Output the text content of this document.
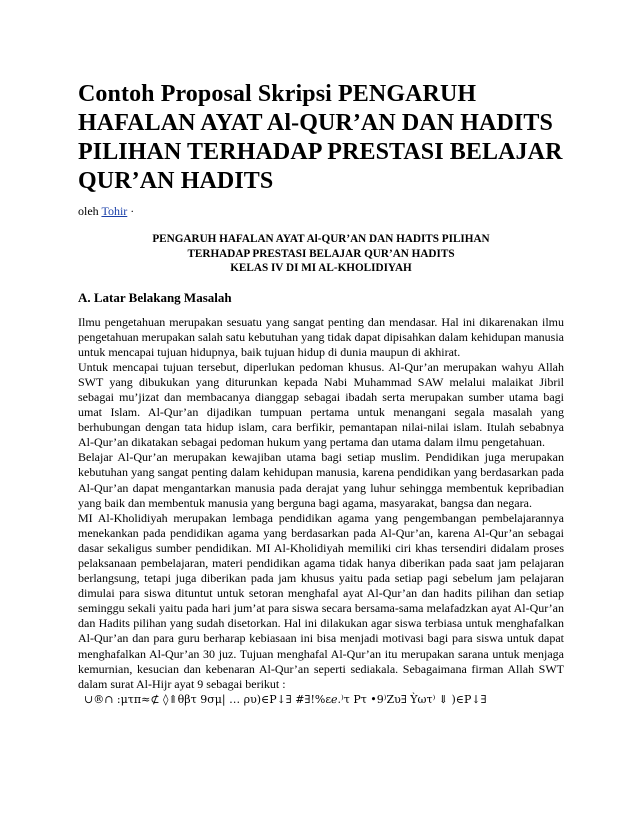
Contoh Proposal Skripsi PENGARUH HAFALAN AYAT Al-QUR’AN DAN HADITS PILIHAN TERHADAP PRESTASI BELAJAR QUR’AN HADITS
oleh Tohir ·
PENGARUH HAFALAN AYAT Al-QUR’AN DAN HADITS PILIHAN
TERHADAP PRESTASI BELAJAR QUR’AN HADITS
KELAS IV DI MI AL-KHOLIDIYAH
A. Latar Belakang Masalah

Ilmu pengetahuan merupakan sesuatu yang sangat penting dan mendasar. Hal ini dikarenakan ilmu pengetahuan merupakan salah satu kebutuhan yang tidak dapat dipisahkan dalam kehidupan manusia untuk mencapai tujuan hidupnya, baik tujuan hidup di dunia maupun di akhirat.

Untuk mencapai tujuan tersebut, diperlukan pedoman khusus. Al-Qur’an merupakan wahyu Allah SWT yang dibukukan yang diturunkan kepada Nabi Muhammad SAW melalui malaikat Jibril sebagai mu’jizat dan membacanya dianggap sebagai ibadah serta merupakan sumber utama bagi umat Islam. Al-Qur’an dijadikan tumpuan pertama untuk menangani segala masalah yang berhubungan dengan tata hidup islam, cara berfikir, pemantapan nilai-nilai islam. Itulah sebabnya Al-Qur’an dikatakan sebagai pedoman hukum yang pertama dan utama dalam ilmu pengetahuan.

Belajar Al-Qur’an merupakan kewajiban utama bagi setiap muslim. Pendidikan juga merupakan kebutuhan yang sangat penting dalam kehidupan manusia, karena pendidikan yang berdasarkan pada Al-Qur’an dapat mengantarkan manusia pada derajat yang luhur sehingga membentuk kepribadian yang baik dan membentuk manusia yang berguna bagi agama, masyarakat, bangsa dan negara.

MI Al-Kholidiyah merupakan lembaga pendidikan agama yang pengembangan pembelajarannya menekankan pada pendidikan agama yang berdasarkan pada Al-Qur’an, karena Al-Qur’an sebagai dasar sekaligus sumber pendidikan. MI Al-Kholidiyah memiliki ciri khas tersendiri didalam proses pelaksanaan pembelajaran, materi pendidikan agama tidak hanya diberikan pada saat jam pelajaran berlangsung, tetapi juga diberikan pada jam khusus yaitu pada setiap pagi sebelum jam pelajaran dimulai para siswa dituntut untuk setoran menghafal ayat Al-Qur’an dan hadits pilihan dan setiap seminggu sekali yaitu pada hari jum’at para siswa secara bersama-sama melafadzkan ayat Al-Qur’an dan Hadits pilihan yang sudah disetorkan. Hal ini dilakukan agar siswa terbiasa untuk menghafalkan Al-Qur’an dan para guru berharap kebiasaan ini bisa menjadi motivasi bagi para siswa untuk dapat menghafalkan Al-Qur’an 30 juz. Tujuan menghafal Al-Qur’an itu merupakan sarana untuk menjaga kemurnian, kesucian dan kebenaran Al-Qur’an seperti sediakala. Sebagaimana firman Allah SWT dalam surat Al-Hijr ayat 9 sebagai berikut :

∪®∩ :μτπ≈⊄ ◊⇑θβτ 9σμ| … ρυ)∈Ρ↓∃ #∃!%εℯ.⁾τ Ρτ •9⁾Ζυ∃ Ỳωτ⁾ ⇓ )∈Ρ↓∃
